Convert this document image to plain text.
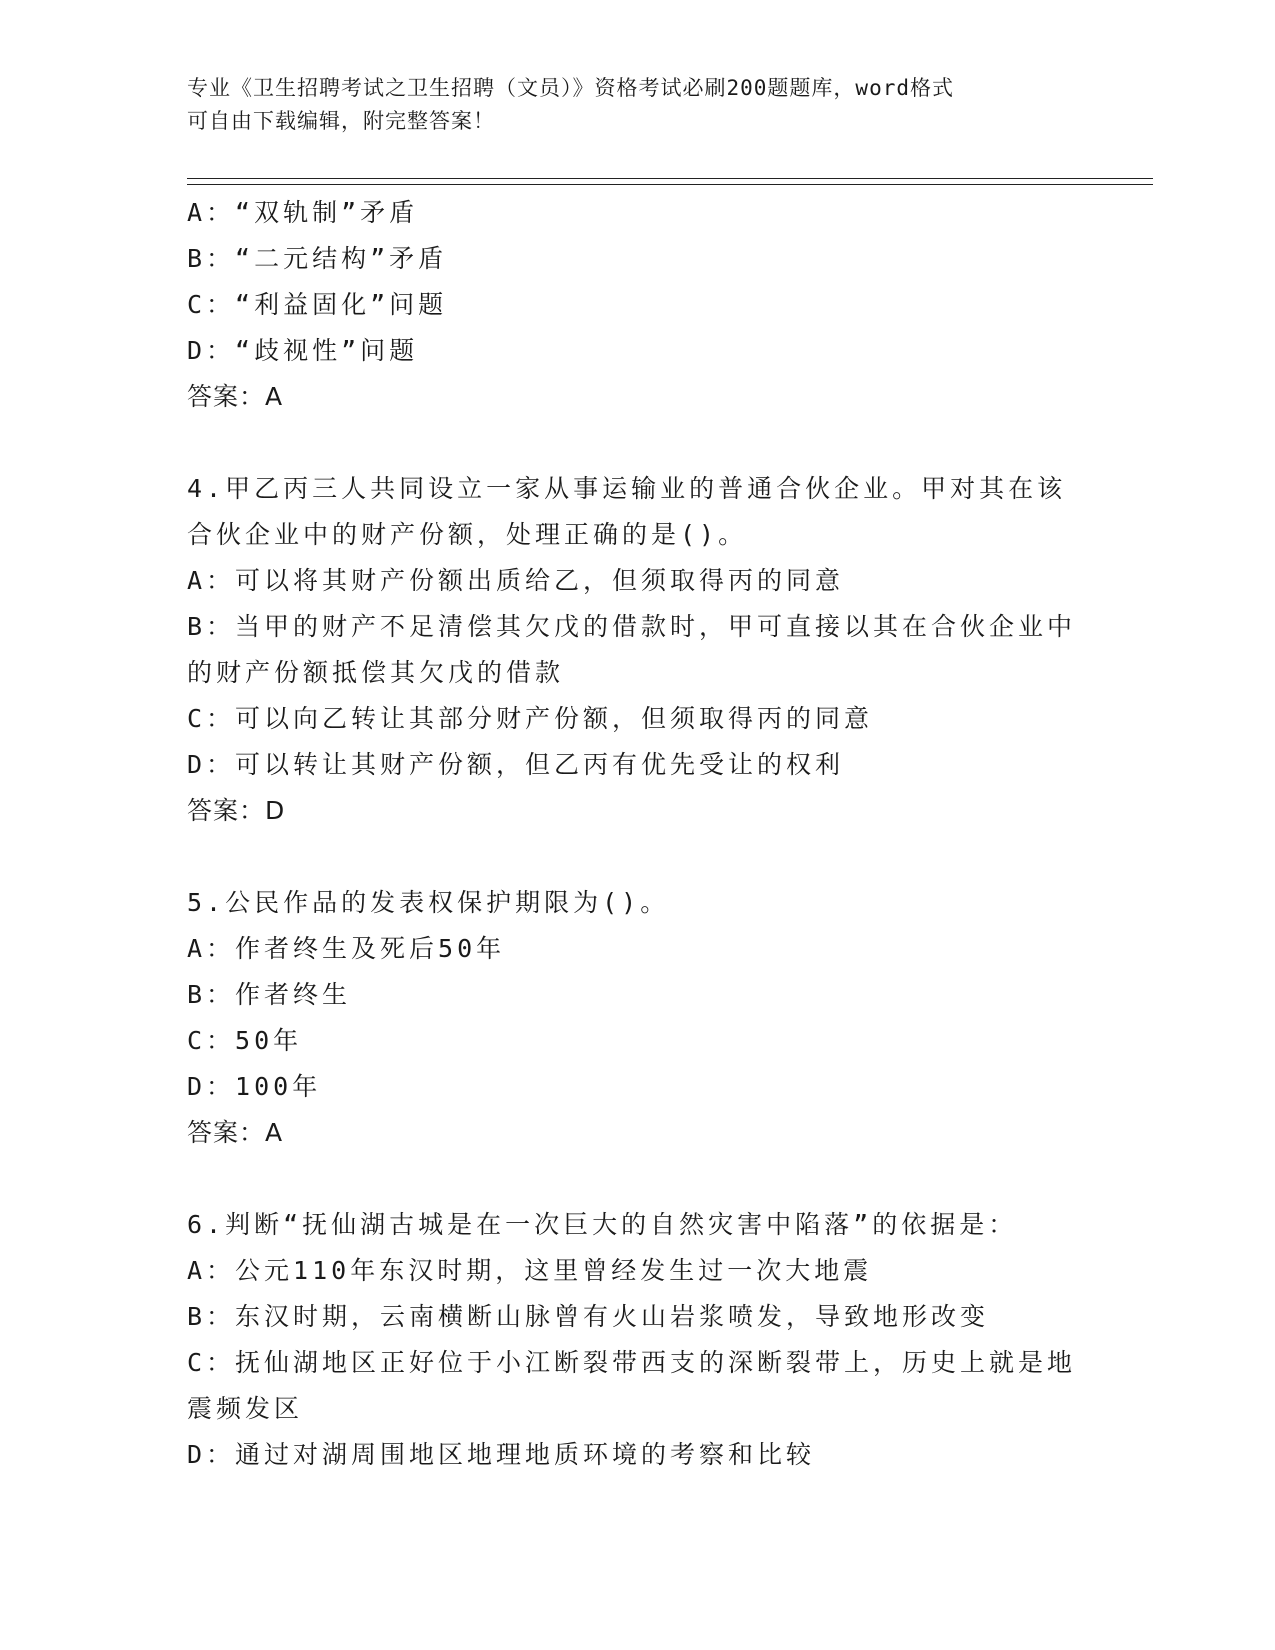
专业《卫生招聘考试之卫生招聘（文员）》资格考试必刷200题题库，word格式
可自由下载编辑，附完整答案！
A：“双轨制”矛盾
B：“二元结构”矛盾
C：“利益固化”问题
D：“歧视性”问题
答案：A
4.甲乙丙三人共同设立一家从事运输业的普通合伙企业。甲对其在该
合伙企业中的财产份额，处理正确的是()。
A：可以将其财产份额出质给乙，但须取得丙的同意
B：当甲的财产不足清偿其欠戊的借款时，甲可直接以其在合伙企业中
的财产份额抵偿其欠戊的借款
C：可以向乙转让其部分财产份额，但须取得丙的同意
D：可以转让其财产份额，但乙丙有优先受让的权利
答案：D
5.公民作品的发表权保护期限为()。
A：作者终生及死后50年
B：作者终生
C：50年
D：100年
答案：A
6.判断“抚仙湖古城是在一次巨大的自然灾害中陷落”的依据是：
A：公元110年东汉时期，这里曾经发生过一次大地震
B：东汉时期，云南横断山脉曾有火山岩浆喷发，导致地形改变
C：抚仙湖地区正好位于小江断裂带西支的深断裂带上，历史上就是地
震频发区
D：通过对湖周围地区地理地质环境的考察和比较
